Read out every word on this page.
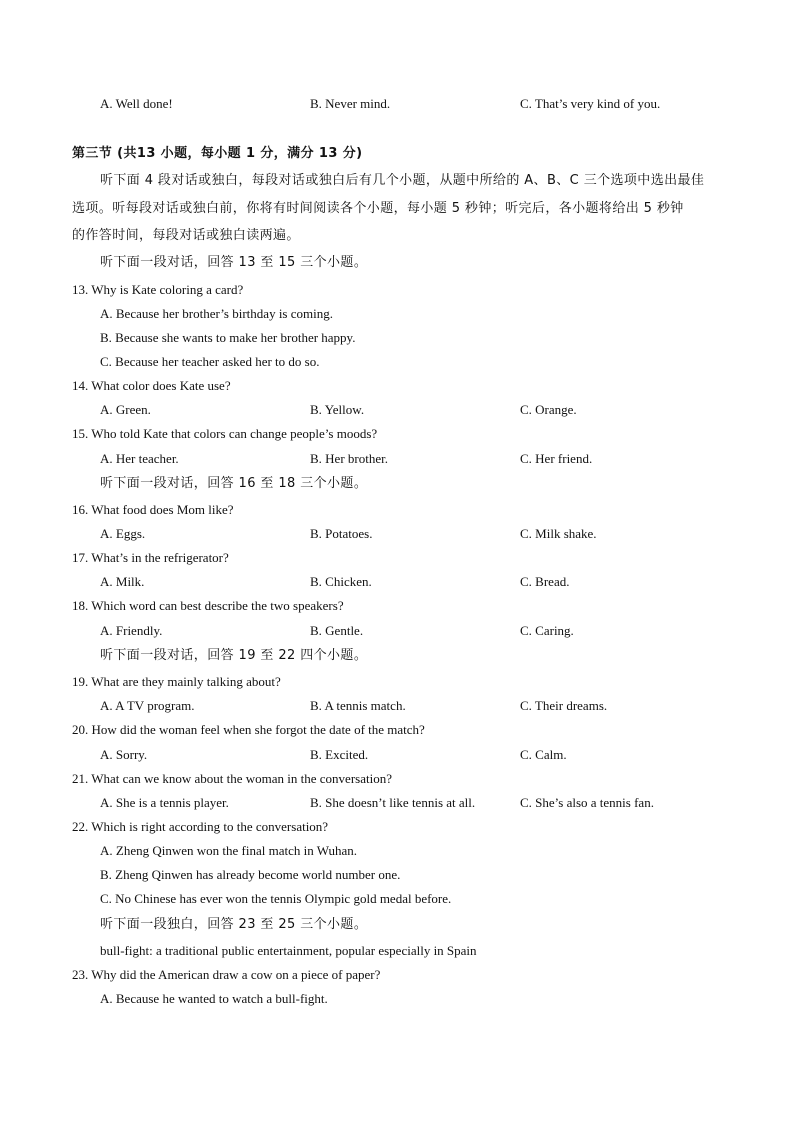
A. Well done!	B. Never mind.	C. That’s very kind of you.
第三节 (共13 小题，每小题 1 分，满分 13 分)
听下面 4 段对话或独白，每段对话或独白后有几个小题，从题中所给的 A、B、C 三个选项中选出最佳
选项。听每段对话或独白前，你将有时间阅读各个小题，每小题 5 秒钟；听完后，各小题将给出 5 秒钟
的作答时间，每段对话或独白读两遍。
听下面一段对话，回答 13 至 15 三个小题。
13. Why is Kate coloring a card?
A. Because her brother’s birthday is coming.
B. Because she wants to make her brother happy.
C. Because her teacher asked her to do so.
14. What color does Kate use?
A. Green.	B. Yellow.	C. Orange.
15. Who told Kate that colors can change people’s moods?
A. Her teacher.	B. Her brother.	C. Her friend.
听下面一段对话，回答 16 至 18 三个小题。
16. What food does Mom like?
A. Eggs.	B. Potatoes.	C. Milk shake.
17. What’s in the refrigerator?
A. Milk.	B. Chicken.	C. Bread.
18. Which word can best describe the two speakers?
A. Friendly.	B. Gentle.	C. Caring.
听下面一段对话，回答 19 至 22 四个小题。
19. What are they mainly talking about?
A. A TV program.	B. A tennis match.	C. Their dreams.
20. How did the woman feel when she forgot the date of the match?
A. Sorry.	B. Excited.	C. Calm.
21. What can we know about the woman in the conversation?
A. She is a tennis player.	B. She doesn’t like tennis at all.	C. She’s also a tennis fan.
22. Which is right according to the conversation?
A. Zheng Qinwen won the final match in Wuhan.
B. Zheng Qinwen has already become world number one.
C. No Chinese has ever won the tennis Olympic gold medal before.
听下面一段独白，回答 23 至 25 三个小题。
bull-fight: a traditional public entertainment, popular especially in Spain
23. Why did the American draw a cow on a piece of paper?
A. Because he wanted to watch a bull-fight.
